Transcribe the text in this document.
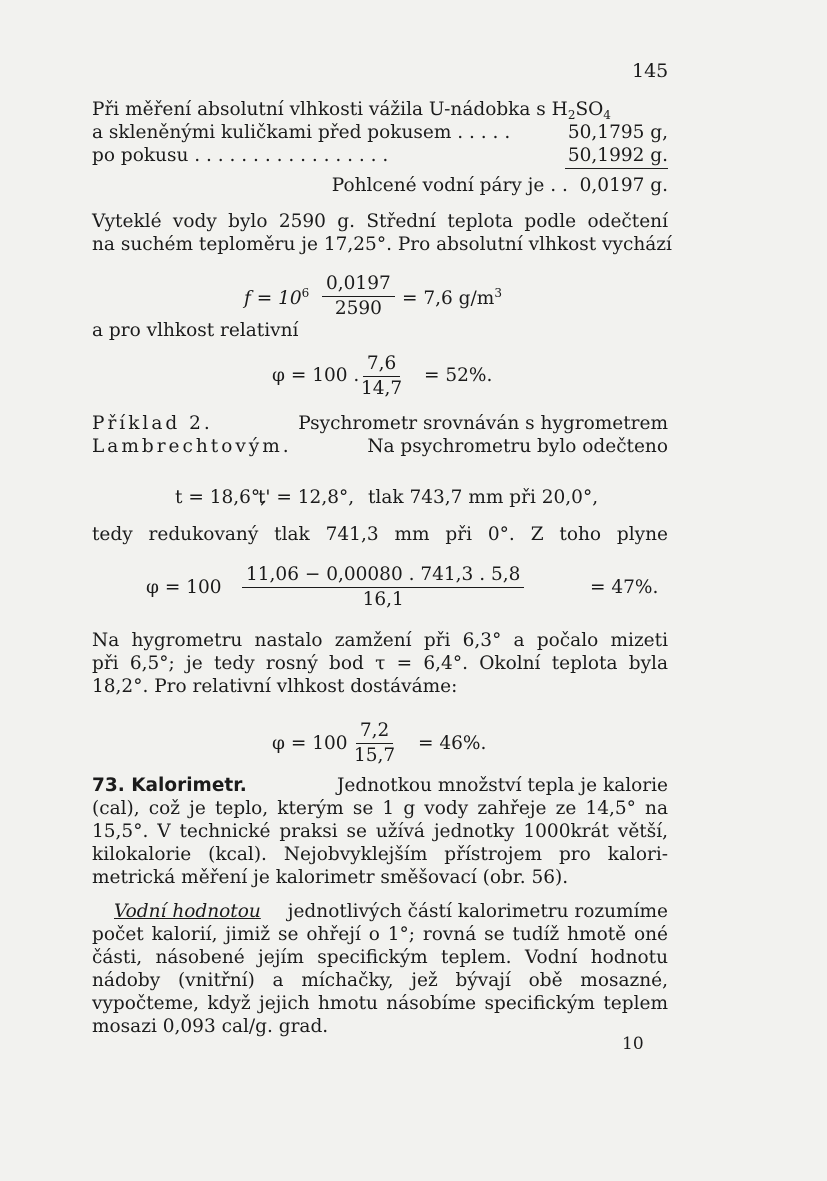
145
Při měření absolutní vlhkosti vážila U-nádobka s $H_2SO_4$
a skleněnými kuličkami před pokusem . . . . .	50,1795 g,
po pokusu . . . . . . . . . . . . . . . . .	50,1992 g.
Pohlcené vodní páry je . . 0,0197 g.
Vyteklé vody bylo 2590 g. Střední teplota podle odečtení
na suchém teploměru je 17,25°. Pro absolutní vlhkost vychází
$f = 10^6 \frac{0,0197}{2590} = 7,6$ $g/m^3$
a pro vlhkost relativní
φ = 100 . $\frac{7,6}{14,7} = 52\%$.
Příklad 2.	Psychrometr srovnáván s hygrometrem
Lambrechtovým.	Na psychrometru bylo odečteno
t = 18,6°,
t' = 12,8°, tlak 743,7 mm při 20,0°,
tedy redukovaný tlak 741,3 mm při 0°. Z toho plyne
$\varphi = 100 \frac{11,06 - 0,00080 . 741,3 . 5,8}{16,1}$	= 47%.
Na hygrometru nastalo zamžení při 6,3° a počalo mizeti
při 6,5°; je tedy rosný bod τ = 6,4°. Okolní teplota byla
18,2°. Pro relativní vlhkost dostáváme:
$\varphi = 100 \frac{7,2}{15,7} = 46\%$.
73. Kalorimetr.	Jednotkou množství tepla je kalorie
(cal), což je teplo, kterým se 1 g vody zahřeje ze 14,5° na
15,5°. V technické praksi se užívá jednotky 1000krát větší,
kilokalorie (kcal). Nejobvyklejším přístrojem pro kalori-
metrická měření je kalorimetr směšovací (obr. 56).
Vodní hodnotou jednotlivých částí kalorimetru rozumíme
počet kalorií, jimiž se ohřejí o 1°; rovná se tudíž hmotě oné
části, násobené jejím specifickým teplem. Vodní hodnotu
nádoby (vnitřní) a míchačky, jež bývají obě mosazné,
vypočteme, když jejich hmotu násobíme specifickým teplem
mosazi 0,093 cal/g. grad.
10
